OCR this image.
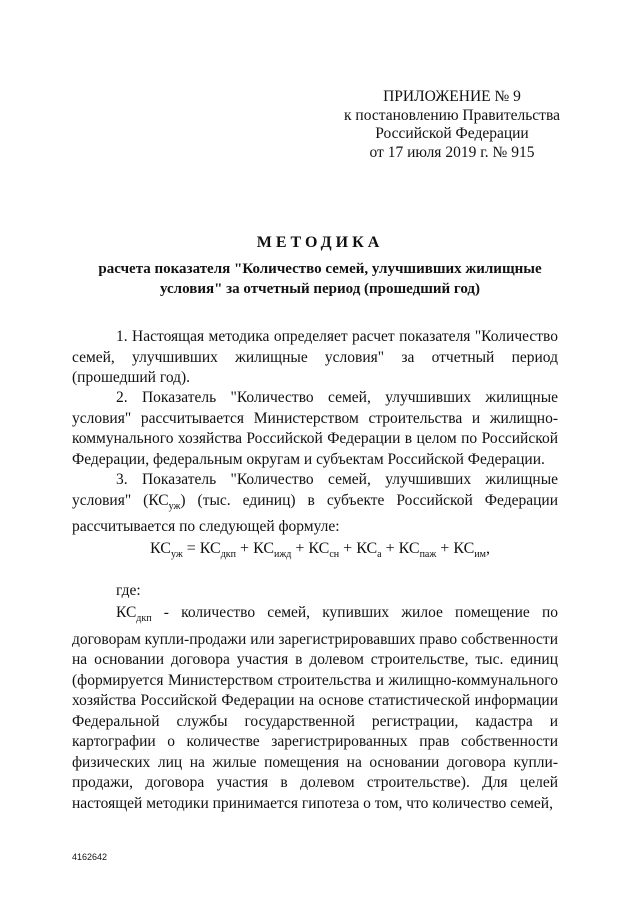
ПРИЛОЖЕНИЕ № 9
к постановлению Правительства
Российской Федерации
от 17 июля 2019 г. № 915
МЕТОДИКА
расчета показателя "Количество семей, улучшивших жилищные условия" за отчетный период (прошедший год)

1. Настоящая методика определяет расчет показателя "Количество семей, улучшивших жилищные условия" за отчетный период (прошедший год).

2. Показатель "Количество семей, улучшивших жилищные условия" рассчитывается Министерством строительства и жилищно-коммунального хозяйства Российской Федерации в целом по Российской Федерации, федеральным округам и субъектам Российской Федерации.

3. Показатель "Количество семей, улучшивших жилищные условия" $(КС_{уж})$ (тыс. единиц) в субъекте Российской Федерации рассчитывается по следующей формуле:

$КС_{уж} = КС_{дкп} + КС_{ижд} + КС_{сн} + КС_а + КС_{паж} + КС_{им}$,
где:

$КС_{дкп}$ - количество семей, купивших жилое помещение по договорам купли-продажи или зарегистрировавших право собственности на основании договора участия в долевом строительстве, тыс. единиц (формируется Министерством строительства и жилищно-коммунального хозяйства Российской Федерации на основе статистической информации Федеральной службы государственной регистрации, кадастра и картографии о количестве зарегистрированных прав собственности физических лиц на жилые помещения на основании договора купли-продажи, договора участия в долевом строительстве). Для целей настоящей методики принимается гипотеза о том, что количество семей,

4162642
